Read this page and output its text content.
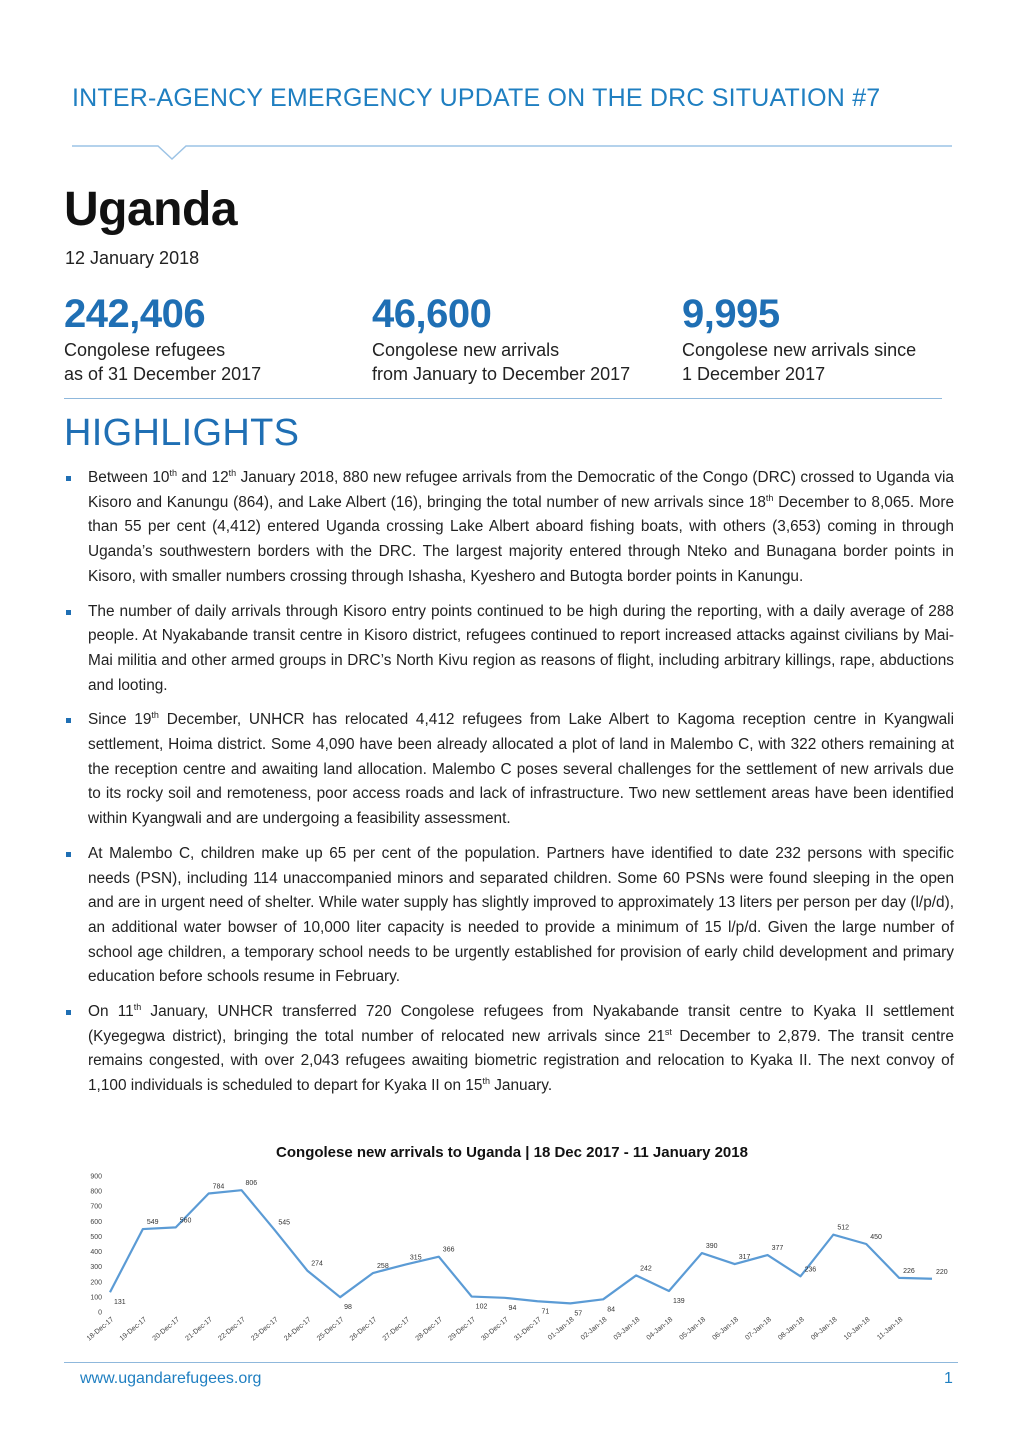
INTER-AGENCY EMERGENCY UPDATE ON THE DRC SITUATION #7
Uganda
12 January 2018
242,406
Congolese refugees
as of 31 December 2017
46,600
Congolese new arrivals
from January to December 2017
9,995
Congolese new arrivals since
1 December 2017
HIGHLIGHTS
Between 10th and 12th January 2018, 880 new refugee arrivals from the Democratic of the Congo (DRC) crossed to Uganda via Kisoro and Kanungu (864), and Lake Albert (16), bringing the total number of new arrivals since 18th December to 8,065. More than 55 per cent (4,412) entered Uganda crossing Lake Albert aboard fishing boats, with others (3,653) coming in through Uganda’s southwestern borders with the DRC. The largest majority entered through Nteko and Bunagana border points in Kisoro, with smaller numbers crossing through Ishasha, Kyeshero and Butogta border points in Kanungu.
The number of daily arrivals through Kisoro entry points continued to be high during the reporting, with a daily average of 288 people. At Nyakabande transit centre in Kisoro district, refugees continued to report increased attacks against civilians by Mai-Mai militia and other armed groups in DRC’s North Kivu region as reasons of flight, including arbitrary killings, rape, abductions and looting.
Since 19th December, UNHCR has relocated 4,412 refugees from Lake Albert to Kagoma reception centre in Kyangwali settlement, Hoima district. Some 4,090 have been already allocated a plot of land in Malembo C, with 322 others remaining at the reception centre and awaiting land allocation. Malembo C poses several challenges for the settlement of new arrivals due to its rocky soil and remoteness, poor access roads and lack of infrastructure. Two new settlement areas have been identified within Kyangwali and are undergoing a feasibility assessment.
At Malembo C, children make up 65 per cent of the population. Partners have identified to date 232 persons with specific needs (PSN), including 114 unaccompanied minors and separated children. Some 60 PSNs were found sleeping in the open and are in urgent need of shelter. While water supply has slightly improved to approximately 13 liters per person per day (l/p/d), an additional water bowser of 10,000 liter capacity is needed to provide a minimum of 15 l/p/d. Given the large number of school age children, a temporary school needs to be urgently established for provision of early child development and primary education before schools resume in February.
On 11th January, UNHCR transferred 720 Congolese refugees from Nyakabande transit centre to Kyaka II settlement (Kyegegwa district), bringing the total number of relocated new arrivals since 21st December to 2,879. The transit centre remains congested, with over 2,043 refugees awaiting biometric registration and relocation to Kyaka II. The next convoy of 1,100 individuals is scheduled to depart for Kyaka II on 15th January.
Congolese new arrivals to Uganda | 18 Dec 2017 - 11 January 2018
0
100
200
300
400
500
600
700
800
900
131
549	560
784	806
545
274
98
258
315
366
102	94	71	57
84
242
139
390
317
377
236
512
450
226	220
18-Dec-17 19-Dec-17 20-Dec-17 21-Dec-17 22-Dec-17 23-Dec-17 24-Dec-17 25-Dec-17 26-Dec-17 27-Dec-17 28-Dec-17 29-Dec-17 30-Dec-17 31-Dec-17 01-Jan-18 02-Jan-18 03-Jan-18 04-Jan-18 05-Jan-18 06-Jan-18 07-Jan-18 08-Jan-18 09-Jan-18 10-Jan-18 11-Jan-18
www.ugandarefugees.org	1
